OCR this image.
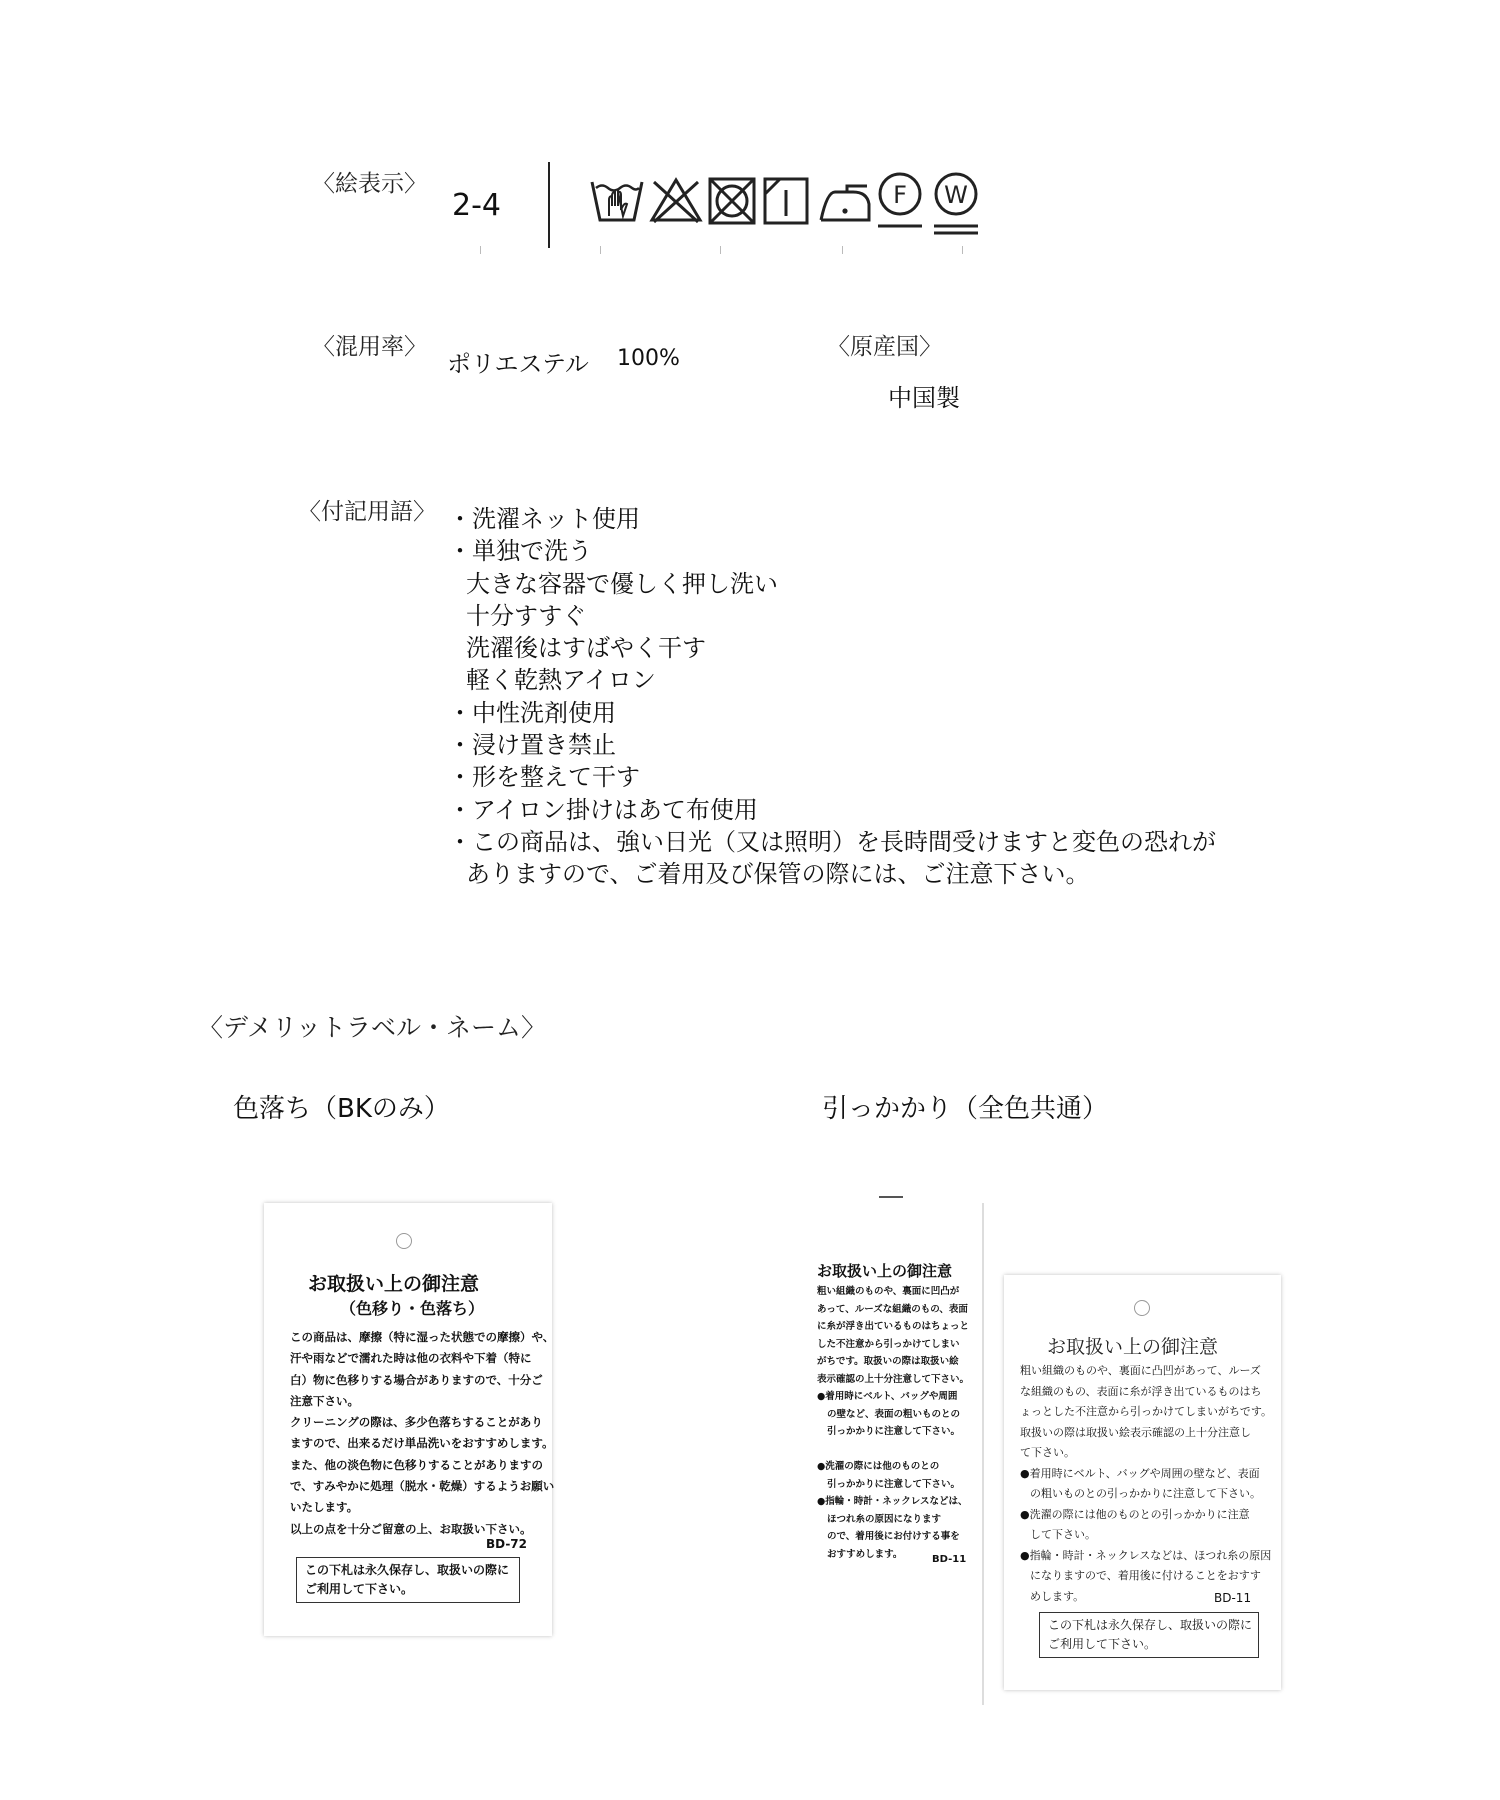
〈絵表示〉
2-4	F W
〈混用率〉
ポリエステル 100%	〈原産国〉
中国製
〈付記用語〉 ・洗濯ネット使用
・単独で洗う
大きな容器で優しく押し洗い
十分すすぐ
洗濯後はすばやく干す
軽く乾熱アイロン
・中性洗剤使用
・浸け置き禁止
・形を整えて干す
・アイロン掛けはあて布使用
・この商品は、強い日光（又は照明）を長時間受けますと変色の恐れが
ありますので、ご着用及び保管の際には、ご注意下さい。
〈デメリットラベル・ネーム〉
色落ち（BKのみ）	引っかかり（全色共通）
お取扱い上の御注意
（色移り・色落ち）
この商品は、摩擦（特に湿った状態での摩擦）や、
汗や雨などで濡れた時は他の衣料や下着（特に
白）物に色移りする場合がありますので、十分ご
注意下さい。
クリーニングの際は、多少色落ちすることがあり
ますので、出来るだけ単品洗いをおすすめします。
また、他の淡色物に色移りすることがありますの
で、すみやかに処理（脱水・乾燥）するようお願い
いたします。
以上の点を十分ご留意の上、お取扱い下さい。
BD-72
この下札は永久保存し、取扱いの際に
ご利用して下さい。
お取扱い上の御注意
粗い組織のものや、裏面に凹凸が
あって、ルーズな組織のもの、表面
に糸が浮き出ているものはちょっと
した不注意から引っかけてしまい
がちです。取扱いの際は取扱い絵
表示確認の上十分注意して下さい。
●着用時にベルト、バッグや周囲
の壁など、表面の粗いものとの
引っかかりに注意して下さい。
●洗濯の際には他のものとの
引っかかりに注意して下さい。
●指輪・時計・ネックレスなどは、
ほつれ糸の原因になります
ので、着用後にお付けする事を
おすすめします。	BD-11
お取扱い上の御注意
粗い組織のものや、裏面に凸凹があって、ルーズ
な組織のもの、表面に糸が浮き出ているものはち
ょっとした不注意から引っかけてしまいがちです。
取扱いの際は取扱い絵表示確認の上十分注意し
て下さい。
●着用時にベルト、バッグや周囲の壁など、表面
の粗いものとの引っかかりに注意して下さい。
●洗濯の際には他のものとの引っかかりに注意
して下さい。
●指輪・時計・ネックレスなどは、ほつれ糸の原因
になりますので、着用後に付けることをおすす
めします。	BD-11
この下札は永久保存し、取扱いの際に
ご利用して下さい。
